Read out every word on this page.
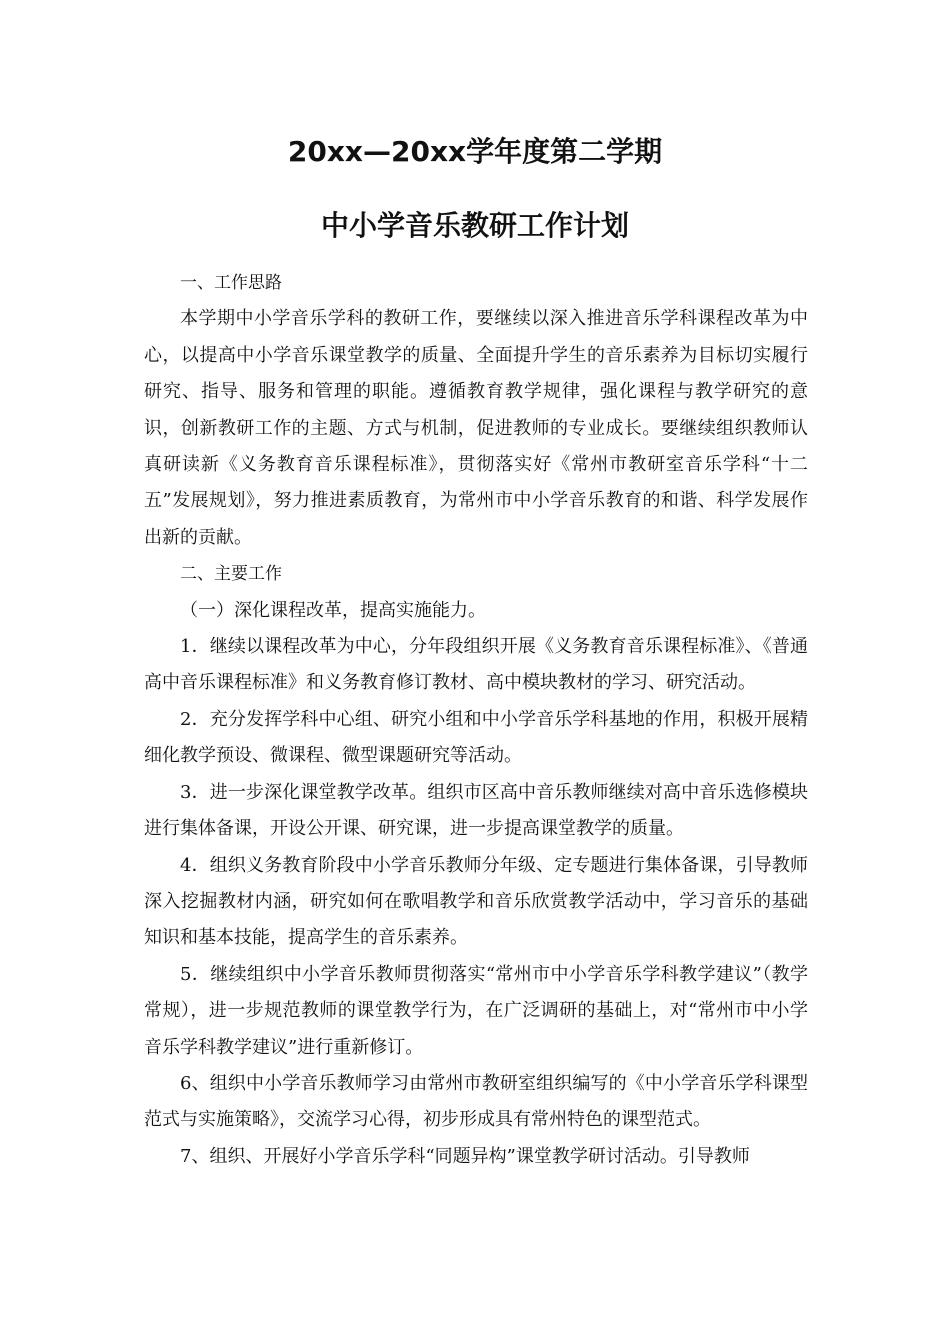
20xx—20xx学年度第二学期
中小学音乐教研工作计划

一、工作思路

本学期中小学音乐学科的教研工作，要继续以深入推进音乐学科课程改革为中心，以提高中小学音乐课堂教学的质量、全面提升学生的音乐素养为目标切实履行研究、指导、服务和管理的职能。遵循教育教学规律，强化课程与教学研究的意识，创新教研工作的主题、方式与机制，促进教师的专业成长。要继续组织教师认真研读新《义务教育音乐课程标准》，贯彻落实好《常州市教研室音乐学科“十二五”发展规划》，努力推进素质教育，为常州市中小学音乐教育的和谐、科学发展作出新的贡献。

二、主要工作

（一）深化课程改革，提高实施能力。

1．继续以课程改革为中心，分年段组织开展《义务教育音乐课程标准》、《普通高中音乐课程标准》和义务教育修订教材、高中模块教材的学习、研究活动。

2．充分发挥学科中心组、研究小组和中小学音乐学科基地的作用，积极开展精细化教学预设、微课程、微型课题研究等活动。

3．进一步深化课堂教学改革。组织市区高中音乐教师继续对高中音乐选修模块进行集体备课，开设公开课、研究课，进一步提高课堂教学的质量。

4．组织义务教育阶段中小学音乐教师分年级、定专题进行集体备课，引导教师深入挖掘教材内涵，研究如何在歌唱教学和音乐欣赏教学活动中，学习音乐的基础知识和基本技能，提高学生的音乐素养。

5．继续组织中小学音乐教师贯彻落实“常州市中小学音乐学科教学建议”（教学常规），进一步规范教师的课堂教学行为，在广泛调研的基础上，对“常州市中小学音乐学科教学建议”进行重新修订。

6、组织中小学音乐教师学习由常州市教研室组织编写的《中小学音乐学科课型范式与实施策略》，交流学习心得，初步形成具有常州特色的课型范式。

7、组织、开展好小学音乐学科“同题异构”课堂教学研讨活动。引导教师
